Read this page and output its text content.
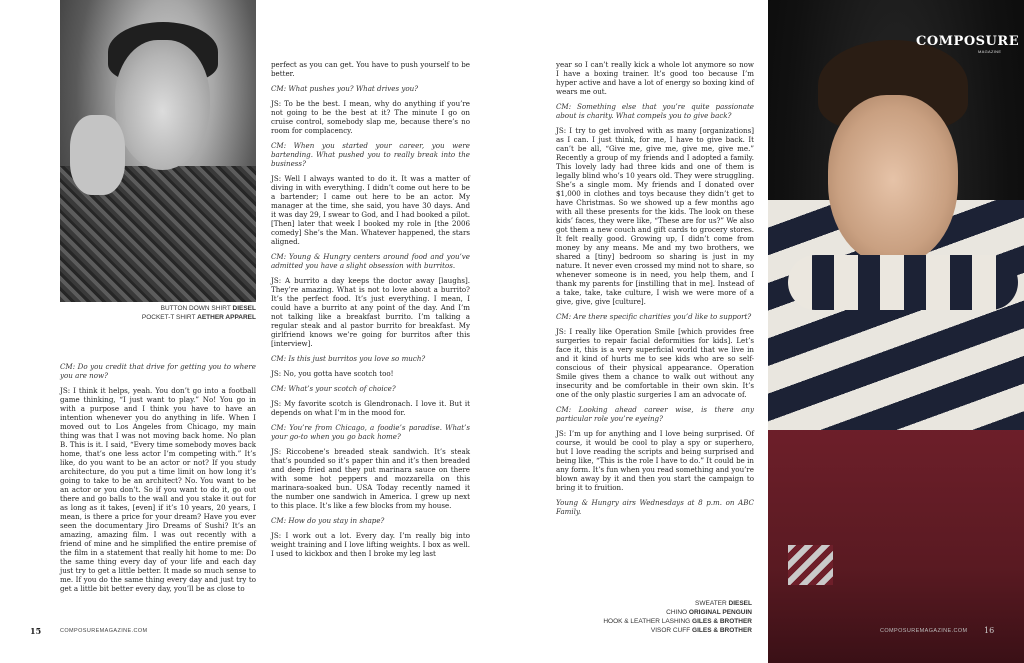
BUTTON DOWN SHIRT DIESEL
POCKET-T SHIRT AETHER APPAREL

CM: Do you credit that drive for getting you to where you are now?

JS: I think it helps, yeah. You don’t go into a football game thinking, “I just want to play.” No! You go in with a purpose and I think you have to have an intention whenever you do anything in life. When I moved out to Los Angeles from Chicago, my main thing was that I was not moving back home. No plan B. This is it. I said, “Every time somebody moves back home, that’s one less actor I’m competing with.” It’s like, do you want to be an actor or not? If you study architecture, do you put a time limit on how long it’s going to take to be an architect? No. You want to be an actor or you don’t. So if you want to do it, go out there and go balls to the wall and you stake it out for as long as it takes, [even] if it’s 10 years, 20 years, I mean, is there a price for your dream? Have you ever seen the documentary Jiro Dreams of Sushi? It’s an amazing, amazing film. I was out recently with a friend of mine and he simplified the entire premise of the film in a statement that really hit home to me: Do the same thing every day of your life and each day just try to get a little better. It made so much sense to me. If you do the same thing every day and just try to get a little bit better every day, you’ll be as close to

perfect as you can get. You have to push yourself to be better.

CM: What pushes you? What drives you?

JS: To be the best. I mean, why do anything if you’re not going to be the best at it? The minute I go on cruise control, somebody slap me, because there’s no room for complacency.

CM: When you started your career, you were bartending. What pushed you to really break into the business?

JS: Well I always wanted to do it. It was a matter of diving in with everything. I didn’t come out here to be a bartender; I came out here to be an actor. My manager at the time, she said, you have 30 days. And it was day 29, I swear to God, and I had booked a pilot. [Then] later that week I booked my role in [the 2006 comedy] She’s the Man. Whatever happened, the stars aligned.

CM: Young & Hungry centers around food and you’ve admitted you have a slight obsession with burritos.

JS: A burrito a day keeps the doctor away [laughs]. They’re amazing. What is not to love about a burrito? It’s the perfect food. It’s just everything. I mean, I could have a burrito at any point of the day. And I’m not talking like a breakfast burrito. I’m talking a regular steak and al pastor burrito for breakfast. My girlfriend knows we’re going for burritos after this [interview].

CM: Is this just burritos you love so much?

JS: No, you gotta have scotch too!

CM: What’s your scotch of choice?

JS: My favorite scotch is Glendronach. I love it. But it depends on what I’m in the mood for.

CM: You’re from Chicago, a foodie’s paradise. What’s your go-to when you go back home?

JS: Riccobene’s breaded steak sandwich. It’s steak that’s pounded so it’s paper thin and it’s then breaded and deep fried and they put marinara sauce on there with some hot peppers and mozzarella on this marinara-soaked bun. USA Today recently named it the number one sandwich in America. I grew up next to this place. It’s like a few blocks from my house.

CM: How do you stay in shape?

JS: I work out a lot. Every day. I’m really big into weight training and I love lifting weights. I box as well. I used to kickbox and then I broke my leg last

year so I can’t really kick a whole lot anymore so now I have a boxing trainer. It’s good too because I’m hyper active and have a lot of energy so boxing kind of wears me out.

CM: Something else that you’re quite passionate about is charity. What compels you to give back?

JS: I try to get involved with as many [organizations] as I can. I just think, for me, I have to give back. It can’t be all, “Give me, give me, give me, give me.” Recently a group of my friends and I adopted a family. This lovely lady had three kids and one of them is legally blind who’s 10 years old. They were struggling. She’s a single mom. My friends and I donated over $1,000 in clothes and toys because they didn’t get to have Christmas. So we showed up a few months ago with all these presents for the kids. The look on these kids’ faces, they were like, “These are for us?” We also got them a new couch and gift cards to grocery stores. It felt really good. Growing up, I didn’t come from money by any means. Me and my two brothers, we shared a [tiny] bedroom so sharing is just in my nature. It never even crossed my mind not to share, so whenever someone is in need, you help them, and I thank my parents for [instilling that in me]. Instead of a take, take, take culture, I wish we were more of a give, give, give [culture].

CM: Are there specific charities you’d like to support?

JS: I really like Operation Smile [which provides free surgeries to repair facial deformities for kids]. Let’s face it, this is a very superficial world that we live in and it kind of hurts me to see kids who are so self-conscious of their physical appearance. Operation Smile gives them a chance to walk out without any insecurity and be comfortable in their own skin. It’s one of the only plastic surgeries I am an advocate of.

CM: Looking ahead career wise, is there any particular role you’re eyeing?

JS: I’m up for anything and I love being surprised. Of course, it would be cool to play a spy or superhero, but I love reading the scripts and being surprised and being like, “This is the role I have to do.” It could be in any form. It’s fun when you read something and you’re blown away by it and then you start the campaign to bring it to fruition.

Young & Hungry airs Wednesdays at 8 p.m. on ABC Family.

COMPOSURE
MAGAZINE
SWEATER DIESEL
CHINO ORIGINAL PENGUIN
HOOK & LEATHER LASHING GILES & BROTHER
VISOR CUFF GILES & BROTHER
15	COMPOSUREMAGAZINE.COM	COMPOSUREMAGAZINE.COM 16
